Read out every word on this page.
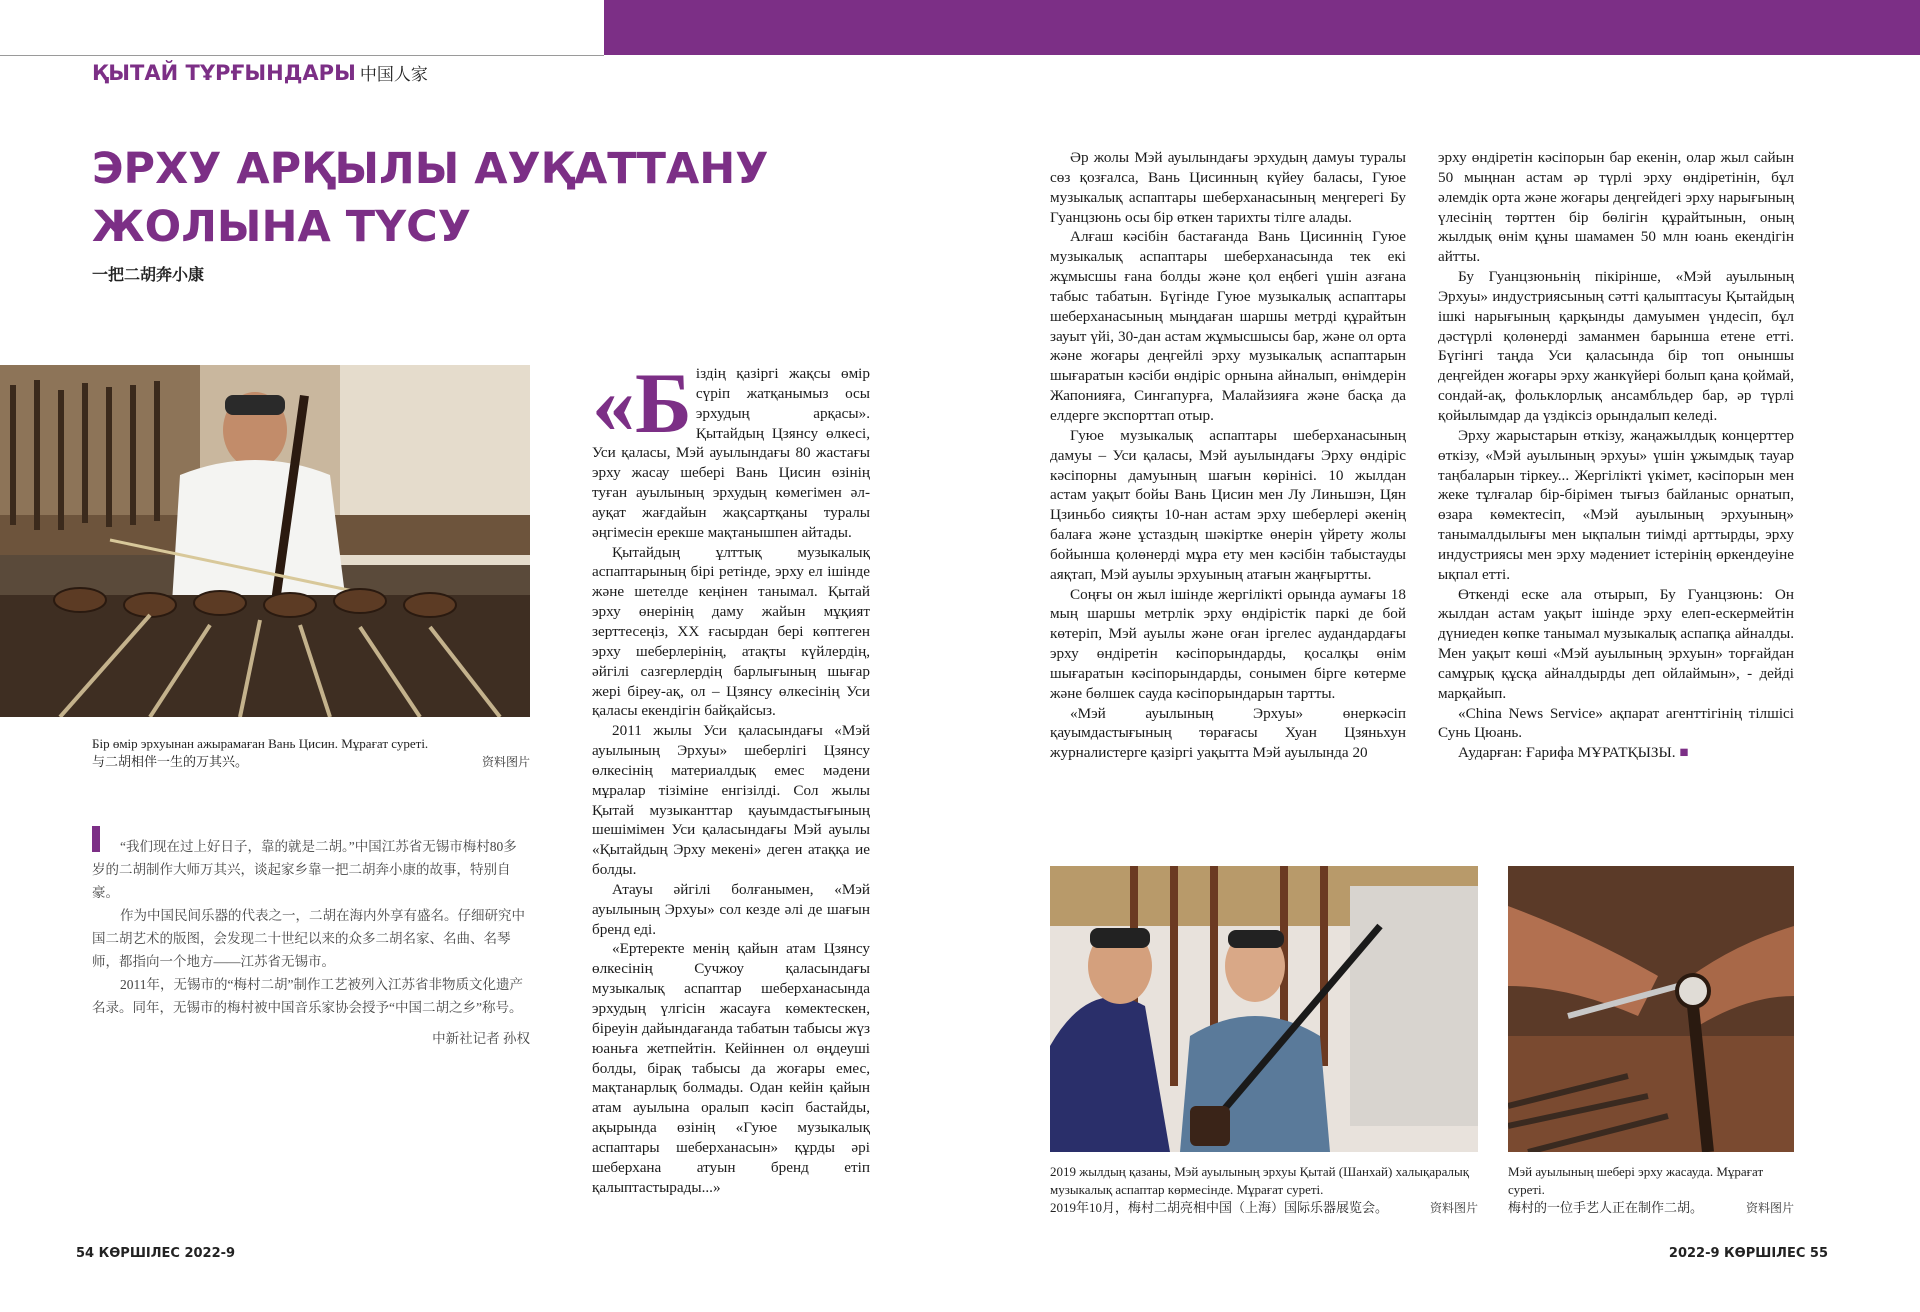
ҚЫТАЙ ТҰРҒЫНДАРЫ 中国人家
ЭРХУ АРҚЫЛЫ АУҚАТТАНУ ЖОЛЫНА ТҮСУ
一把二胡奔小康
Бір өмір эрхуынан ажырамаған Вань Цисин. Мұрағат суреті.
与二胡相伴一生的万其兴。	资料图片

“我们现在过上好日子，靠的就是二胡。”中国江苏省无锡市梅村80多岁的二胡制作大师万其兴，谈起家乡靠一把二胡奔小康的故事，特别自豪。

作为中国民间乐器的代表之一，二胡在海内外享有盛名。仔细研究中国二胡艺术的版图，会发现二十世纪以来的众多二胡名家、名曲、名琴师，都指向一个地方——江苏省无锡市。

2011年，无锡市的“梅村二胡”制作工艺被列入江苏省非物质文化遗产名录。同年，无锡市的梅村被中国音乐家协会授予“中国二胡之乡”称号。

中新社记者 孙权

«Б іздің қазіргі жақсы өмір сүріп жатқанымыз осы эрхудың арқасы». Қытайдың Цзянсу өлкесі, Уси қаласы, Мэй ауылындағы 80 жастағы эрху жасау шебері Вань Цисин өзінің туған ауылының эрхудың көмегімен әл-ауқат жағдайын жақсартқаны туралы әңгімесін ерекше мақтанышпен айтады.

Қытайдың ұлттық музыкалық аспаптарының бірі ретінде, эрху ел ішінде және шетелде кеңінен танымал. Қытай эрху өнерінің даму жайын мұқият зерттесеңіз, XX ғасырдан бері көптеген эрху шеберлерінің, атақты күйлердің, әйгілі сазгерлердің барлығының шығар жері біреу-ақ, ол – Цзянсу өлкесінің Уси қаласы екендігін байқайсыз.

2011 жылы Уси қаласындағы «Мэй ауылының Эрхуы» шеберлігі Цзянсу өлкесінің материалдық емес мәдени мұралар тізіміне енгізілді. Сол жылы Қытай музыканттар қауымдастығының шешімімен Уси қаласындағы Мэй ауылы «Қытайдың Эрху мекені» деген атаққа ие болды.

Атауы әйгілі болғанымен, «Мэй ауылының Эрхуы» сол кезде әлі де шағын бренд еді.

«Ертеректе менің қайын атам Цзянсу өлкесінің Сучжоу қаласындағы музыкалық аспаптар шеберханасында эрхудың үлгісін жасауға көмектескен, біреуін дайындағанда табатын табысы жүз юаньға жетпейтін. Кейіннен ол өңдеуші болды, бірақ табысы да жоғары емес, мақтанарлық болмады. Одан кейін қайын атам ауылына оралып кәсіп бастайды, ақырында өзінің «Гуюе музыкалық аспаптары шеберханасын» құрды әрі шеберхана атуын бренд етіп қалыптастырады...»

Әр жолы Мэй ауылындағы эрхудың дамуы туралы сөз қозғалса, Вань Цисинның күйеу баласы, Гуюе музыкалық аспаптары шеберханасының меңгерегі Бу Гуанцзюнь осы бір өткен тарихты тілге алады.

Алғаш кәсібін бастағанда Вань Цисиннің Гуюе музыкалық аспаптары шеберханасында тек екі жұмысшы ғана болды және қол еңбегі үшін азғана табыс табатын. Бүгінде Гуюе музыкалық аспаптары шеберханасының мыңдаған шаршы метрді құрайтын зауыт үйі, 30-дан астам жұмысшысы бар, және ол орта және жоғары деңгейлі эрху музыкалық аспаптарын шығаратын кәсіби өндіріс орнына айналып, өнімдерін Жапонияға, Сингапурға, Малайзияға және басқа да елдерге экспорттап отыр.

Гуюе музыкалық аспаптары шеберханасының дамуы – Уси қаласы, Мэй ауылындағы Эрху өндіріс кәсіпорны дамуының шағын көрінісі. 10 жылдан астам уақыт бойы Вань Цисин мен Лу Линьшэн, Цян Цзиньбо сияқты 10-нан астам эрху шеберлері әкенің балаға және ұстаздың шәкіртке өнерін үйрету жолы бойынша қолөнерді мұра ету мен кәсібін табыстауды аяқтап, Мэй ауылы эрхуының атағын жаңғыртты.

Соңғы он жыл ішінде жергілікті орында аумағы 18 мың шаршы метрлік эрху өндірістік паркі де бой көтеріп, Мэй ауылы және оған іргелес аудандардағы эрху өндіретін кәсіпорындарды, қосалқы өнім шығаратын кәсіпорындарды, сонымен бірге көтерме және бөлшек сауда кәсіпорындарын тартты.

«Мэй ауылының Эрхуы» өнеркәсіп қауымдастығының төрағасы Хуан Цзяньхун журналистерге қазіргі уақытта Мэй ауылында 20

эрху өндіретін кәсіпорын бар екенін, олар жыл сайын 50 мыңнан астам әр түрлі эрху өндіретінін, бұл әлемдік орта және жоғары деңгейдегі эрху нарығының үлесінің төрттен бір бөлігін құрайтынын, оның жылдық өнім құны шамамен 50 млн юань екендігін айтты.

Бу Гуанцзюньнің пікірінше, «Мэй ауылының Эрхуы» индустриясының сәтті қалыптасуы Қытайдың ішкі нарығының қарқынды дамуымен үндесіп, бұл дәстүрлі қолөнерді заманмен барынша етене етті. Бүгінгі таңда Уси қаласында бір топ оныншы деңгейден жоғары эрху жанкүйері болып қана қоймай, сондай-ақ, фольклорлық ансамбльдер бар, әр түрлі қойылымдар да үздіксіз орындалып келеді.

Эрху жарыстарын өткізу, жаңажылдық концерттер өткізу, «Мэй ауылының эрхуы» үшін ұжымдық тауар таңбаларын тіркеу... Жергілікті үкімет, кәсіпорын мен жеке тұлғалар бір-бірімен тығыз байланыс орнатып, өзара көмектесіп, «Мэй ауылының эрхуының» танымалдылығы мен ықпалын тиімді арттырды, эрху индустриясы мен эрху мәдениет істерінің өркендеуіне ықпал етті.

Өткенді еске ала отырып, Бу Гуанцзюнь: Он жылдан астам уақыт ішінде эрху елеп-ескермейтін дүниеден көпке танымал музыкалық аспапқа айналды. Мен уақыт көші «Мэй ауылының эрхуын» торғайдан самұрық құсқа айналдырды деп ойлаймын», - дейді марқайып.

«China News Service» ақпарат агенттігінің тілшісі Сунь Цюань.

Аударған: Ғарифа МҰРАТҚЫЗЫ. ■

2019 жылдың қазаны, Мэй ауылының эрхуы Қытай (Шанхай) халықаралық музыкалық аспаптар көрмесінде. Мұрағат суреті.
2019年10月，梅村二胡亮相中国（上海）国际乐器展览会。	资料图片
Мэй ауылының шебері эрху жасауда. Мұрағат суреті.
梅村的一位手艺人正在制作二胡。	资料图片
54 КӨРШІЛЕС 2022-9	2022-9 КӨРШІЛЕС 55
